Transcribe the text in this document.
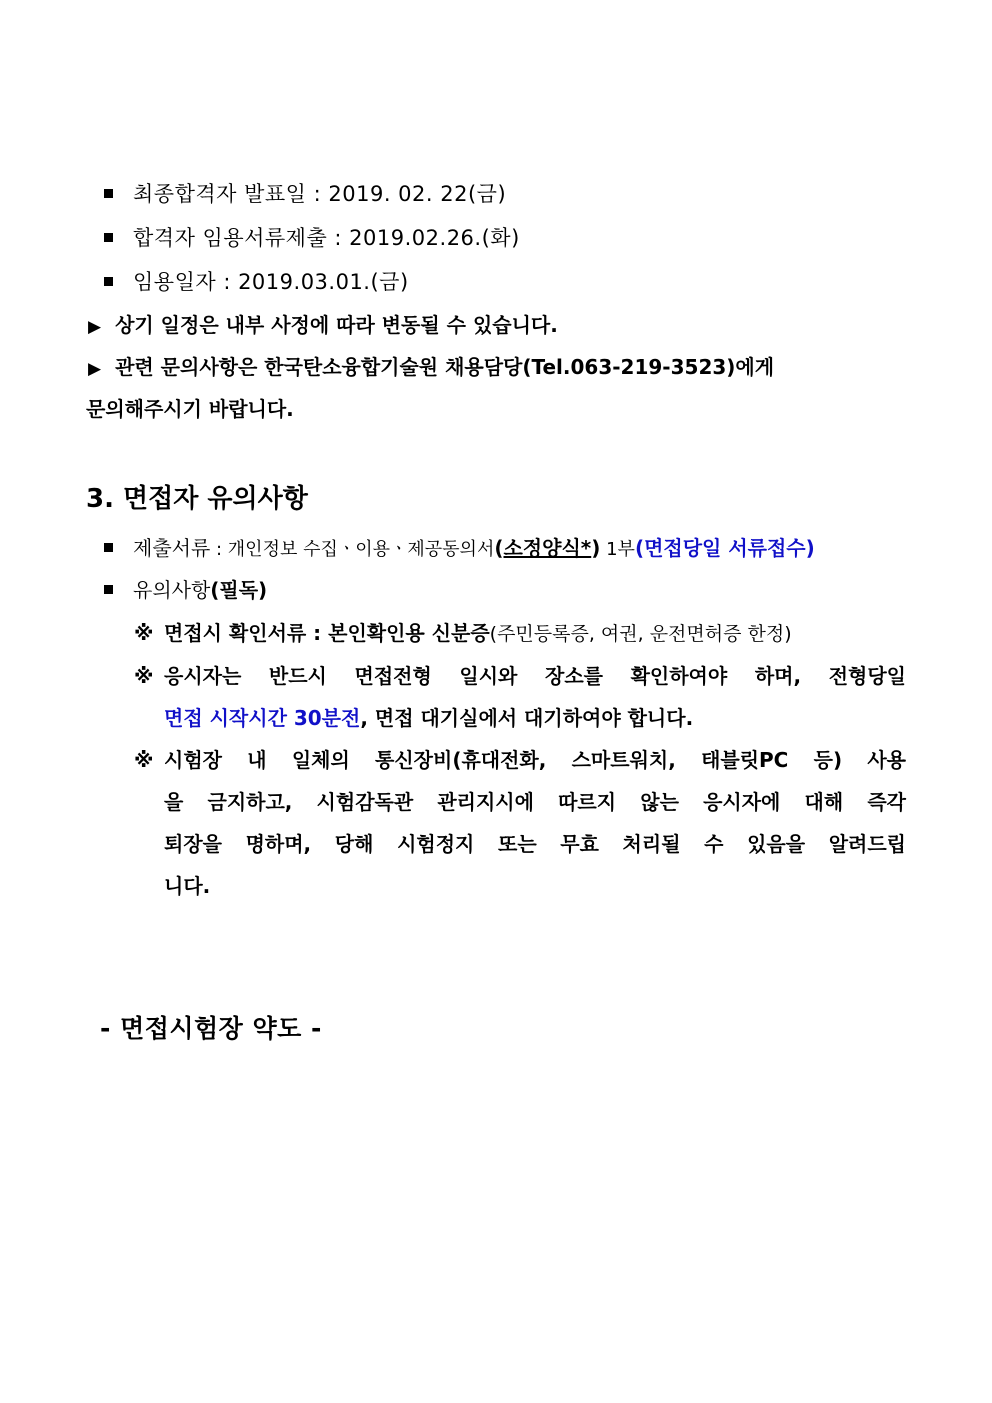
최종합격자 발표일 : 2019. 02. 22(금)
합격자 임용서류제출 : 2019.02.26.(화)
임용일자 : 2019.03.01.(금)
▶ 상기 일정은 내부 사정에 따라 변동될 수 있습니다.
▶ 관련 문의사항은 한국탄소융합기술원 채용담당(Tel.063-219-3523)에게
문의해주시기 바랍니다.
3. 면접자 유의사항
제출서류 : 개인정보 수집ㆍ이용ㆍ제공동의서(소정양식*) 1부(면접당일 서류접수)
유의사항(필독)
※ 면접시 확인서류 : 본인확인용 신분증(주민등록증, 여권, 운전면허증 한정)
※ 응시자는 반드시 면접전형 일시와 장소를 확인하여야 하며, 전형당일
면접 시작시간 30분전, 면접 대기실에서 대기하여야 합니다.
※ 시험장 내 일체의 통신장비(휴대전화, 스마트워치, 태블릿PC 등) 사용
을 금지하고, 시험감독관 관리지시에 따르지 않는 응시자에 대해 즉각
퇴장을 명하며, 당해 시험정지 또는 무효 처리될 수 있음을 알려드립
니다.
- 면접시험장 약도 -
